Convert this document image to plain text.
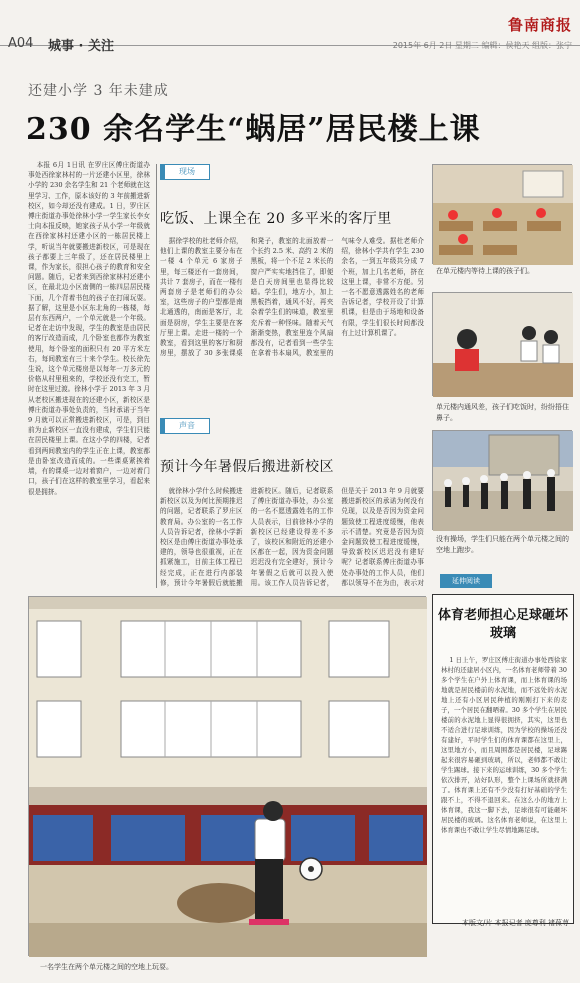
鲁南商报
A04 城事 · 关注	2015年 6月 2日 星期二 编辑：侯艳天 组版：张宁
还建小学 3 年未建成
230 余名学生“蜗居”居民楼上课
本报 6月 1日讯 在罗庄区傅庄街道办事处西徐家林村的一片还建小区里，徐林小学的 230 余名学生和 21 个老师就在这里学习、工作，原本该好的 3 年前搬进新校区，如今却还没有建成。1 日，罗庄区傅庄街道办事处徐林小学一学生家长李女士向本报反映，她家孩子从小学一年级就在西徐家林村还建小区的一栋居民楼上学，听说当年就要搬进新校区，可是现在孩子都要上三年级了，还在居民楼里上课，作为家长，很担心孩子的教育和安全问题。随后，记者来到西徐家林村还建小区，在最北边小区南侧的一栋四层居民楼下面，几个背着书包的孩子在打闹玩耍。据了解，这里是小区东北角的一栋楼，每层有东西两户，一个单元就是一个年级。记者在走访中发现，学生的教室是由居民的客厅改造而成，几个卧室也都作为教室使用，每个卧室的面积只有 20 平方米左右，每间教室有三十来个学生。校长徐先生说，这个单元楼房是以每年一万多元的价格从村里租来的，学校还没有完工，暂时在这里过渡。徐林小学于 2013 年 3 月从老校区搬进现在的还建小区，新校区是傅庄街道办事处负责的，当时承诺于当年 9 月就可以正常搬进新校区，可是，到目前为止新校区一直没有建成，学生们只能在居民楼里上课。在这小学的四楼，记者看到两间教室内的学生正在上课，教室都是由卧室改造而成的。一些课桌紧挨着墙，有的课桌一边对着窗户，一边对着门口，孩子们在这样的教室里学习，看起来很是拥挤。
现场
吃饭、上课全在 20 多平米的客厅里
据徐学校的杜老师介绍，他们上课的教室主要分布在一楼 4 个单元 6 家房子里，每三楼还有一套房间，共计 7 套房子，而在一楼有两套房子是老师们的办公室，这些房子的户型都是南北通透的，南面是客厅，北面是厨房，学生主要是在客厅里上课。走进一楼的一个教室，看到这里的客厅和厨房里，摆放了 30 多张课桌和凳子，教室的北面放着一个长约 2.5 米、高约 2 米的黑板，将一个不足 2 米长的窗户严实实地挡住了，即便是白天房间里也显得比较暗。学生们，地方小，加上黑板挡着，通风不好，再夹杂着学生们的味道，教室里充斥着一种怪味。随着天气渐渐变热，教室里连个风扇都没有，记者看到一些学生在拿着书本扇风，教室里的气味令人难受。据杜老师介绍，徐林小学共有学生 230 余名，一到五年级共分成 7 个班，加上几名老师，挤在这里上课，非常不方便。另一名不愿意透露姓名的老师告诉记者，学校开设了计算机课，但是由于场地和设备有限，学生们很长时间都没有上过计算机课了。
声音
预计今年暑假后搬进新校区
就徐林小学什么时候搬进新校区以及为何比预期推迟的问题，记者联系了罗庄区教育局。办公室的一名工作人员告诉记者，徐林小学新校区是由傅庄街道办事处承建的，领导也很重视，正在抓紧施工，目前主体工程已经完成，正在进行内部装修，预计今年暑假后就能搬进新校区。随后，记者联系了傅庄街道办事处，办公室的一名不愿透露姓名的工作人员表示，目前徐林小学的新校区已经建设得差不多了，该校区和附近的还建小区都在一起，因为资金问题迟迟没有完全建好，预计今年暑假之后就可以投入使用。该工作人员告诉记者，但是关于 2013 年 9 月就要搬进新校区的承诺为何没有兑现，以及是否因为资金问题致使工程进度缓慢，他表示不清楚。究竟是否因为资金问题致使工程进度缓慢，导致新校区迟迟没有建好呢？记者联系傅庄街道办事处办事处的工作人员，他们都以领导不在为由，表示对
一名学生在两个单元楼之间的空地上玩耍。
在单元楼内等待上课的孩子们。
单元楼内通风差，孩子们吃饭时，纷纷捂住鼻子。
没有操场，学生们只能在两个单元楼之间的空地上跑步。
延伸阅读
体育老师担心足球砸坏玻璃
1 日上午，罗庄区傅庄街道办事处西徐家林村的还建居小区内，一名体育老师带着 30 多个学生在户外上体育课，而上体育课的场地就是居民楼前的水泥地，而不远处的水泥地上还有小区居民种植的刚刚打下来的麦子，一个居民在翻晒着。30 多个学生在居民楼前的水泥地上显得很拥挤，其实，这里也不适合进行足球训练，因为学校的操场还没有建好，平时学生们的体育课都在这里上，这里地方小，而且周围都是居民楼，足球踢起来很容易砸到玻璃，所以，老师都不敢让学生踢球。接下来的运球训练，30 多个学生依次排开，站好队形，整个上课场所就挤满了。体育课上还有不少没有打好基础的学生跟不上，不得不退回来。在这么小的地方上体育课，我这一脚下去，足球很有可能砸坏居民楼的玻璃。这名体育老师说，在这里上体育课也不敢让学生尽情地踢足球。
本版文/片 本报记者 庞尊利 褚葆荨
